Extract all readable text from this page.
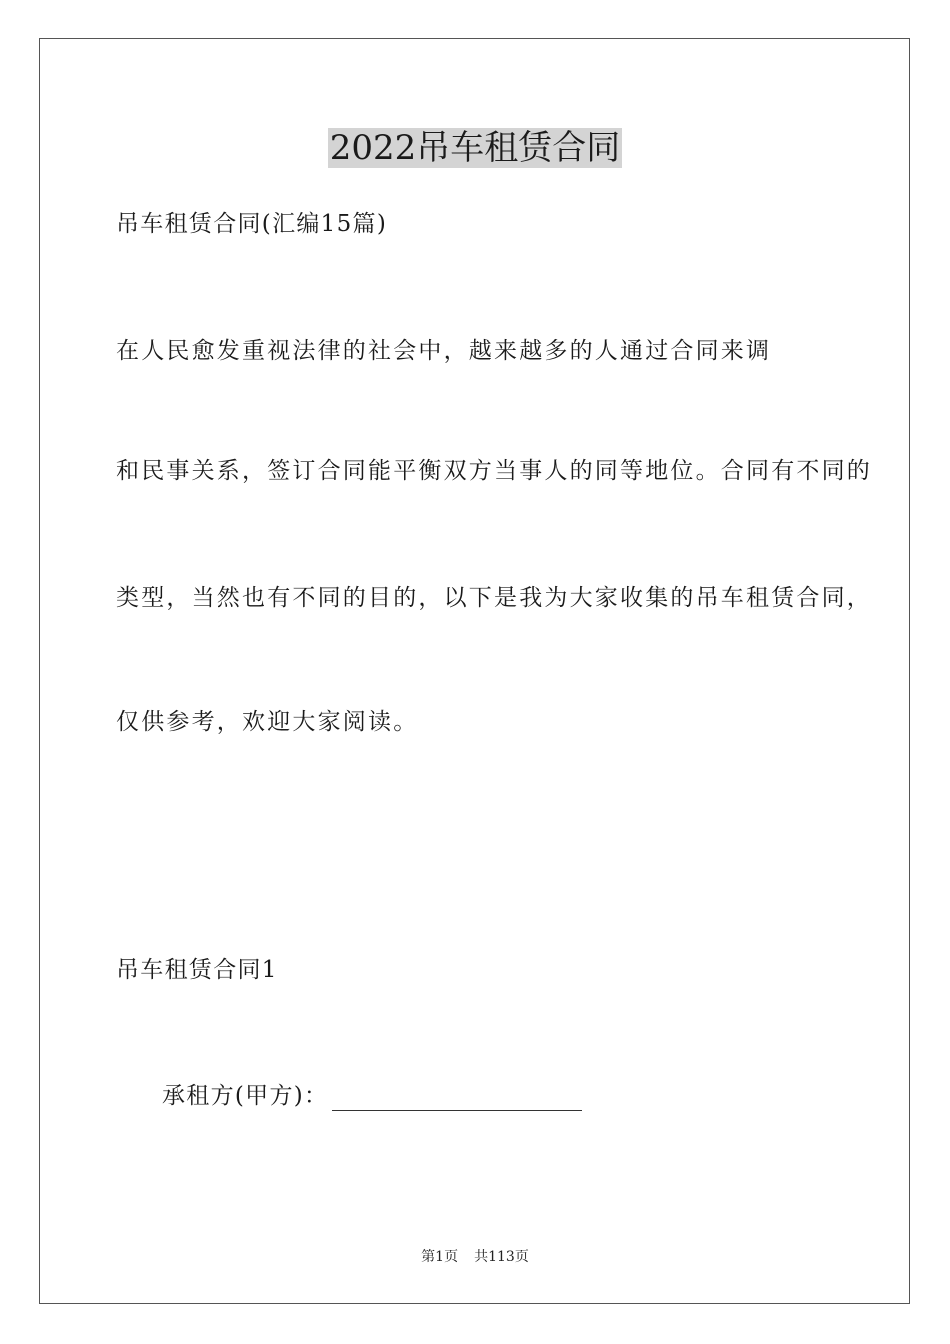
2022吊车租赁合同

吊车租赁合同(汇编15篇)

在人民愈发重视法律的社会中，越来越多的人通过合同来调

和民事关系，签订合同能平衡双方当事人的同等地位。合同有不同的

类型，当然也有不同的目的，以下是我为大家收集的吊车租赁合同，

仅供参考，欢迎大家阅读。

吊车租赁合同1

承租方(甲方)：
第1页 共113页
